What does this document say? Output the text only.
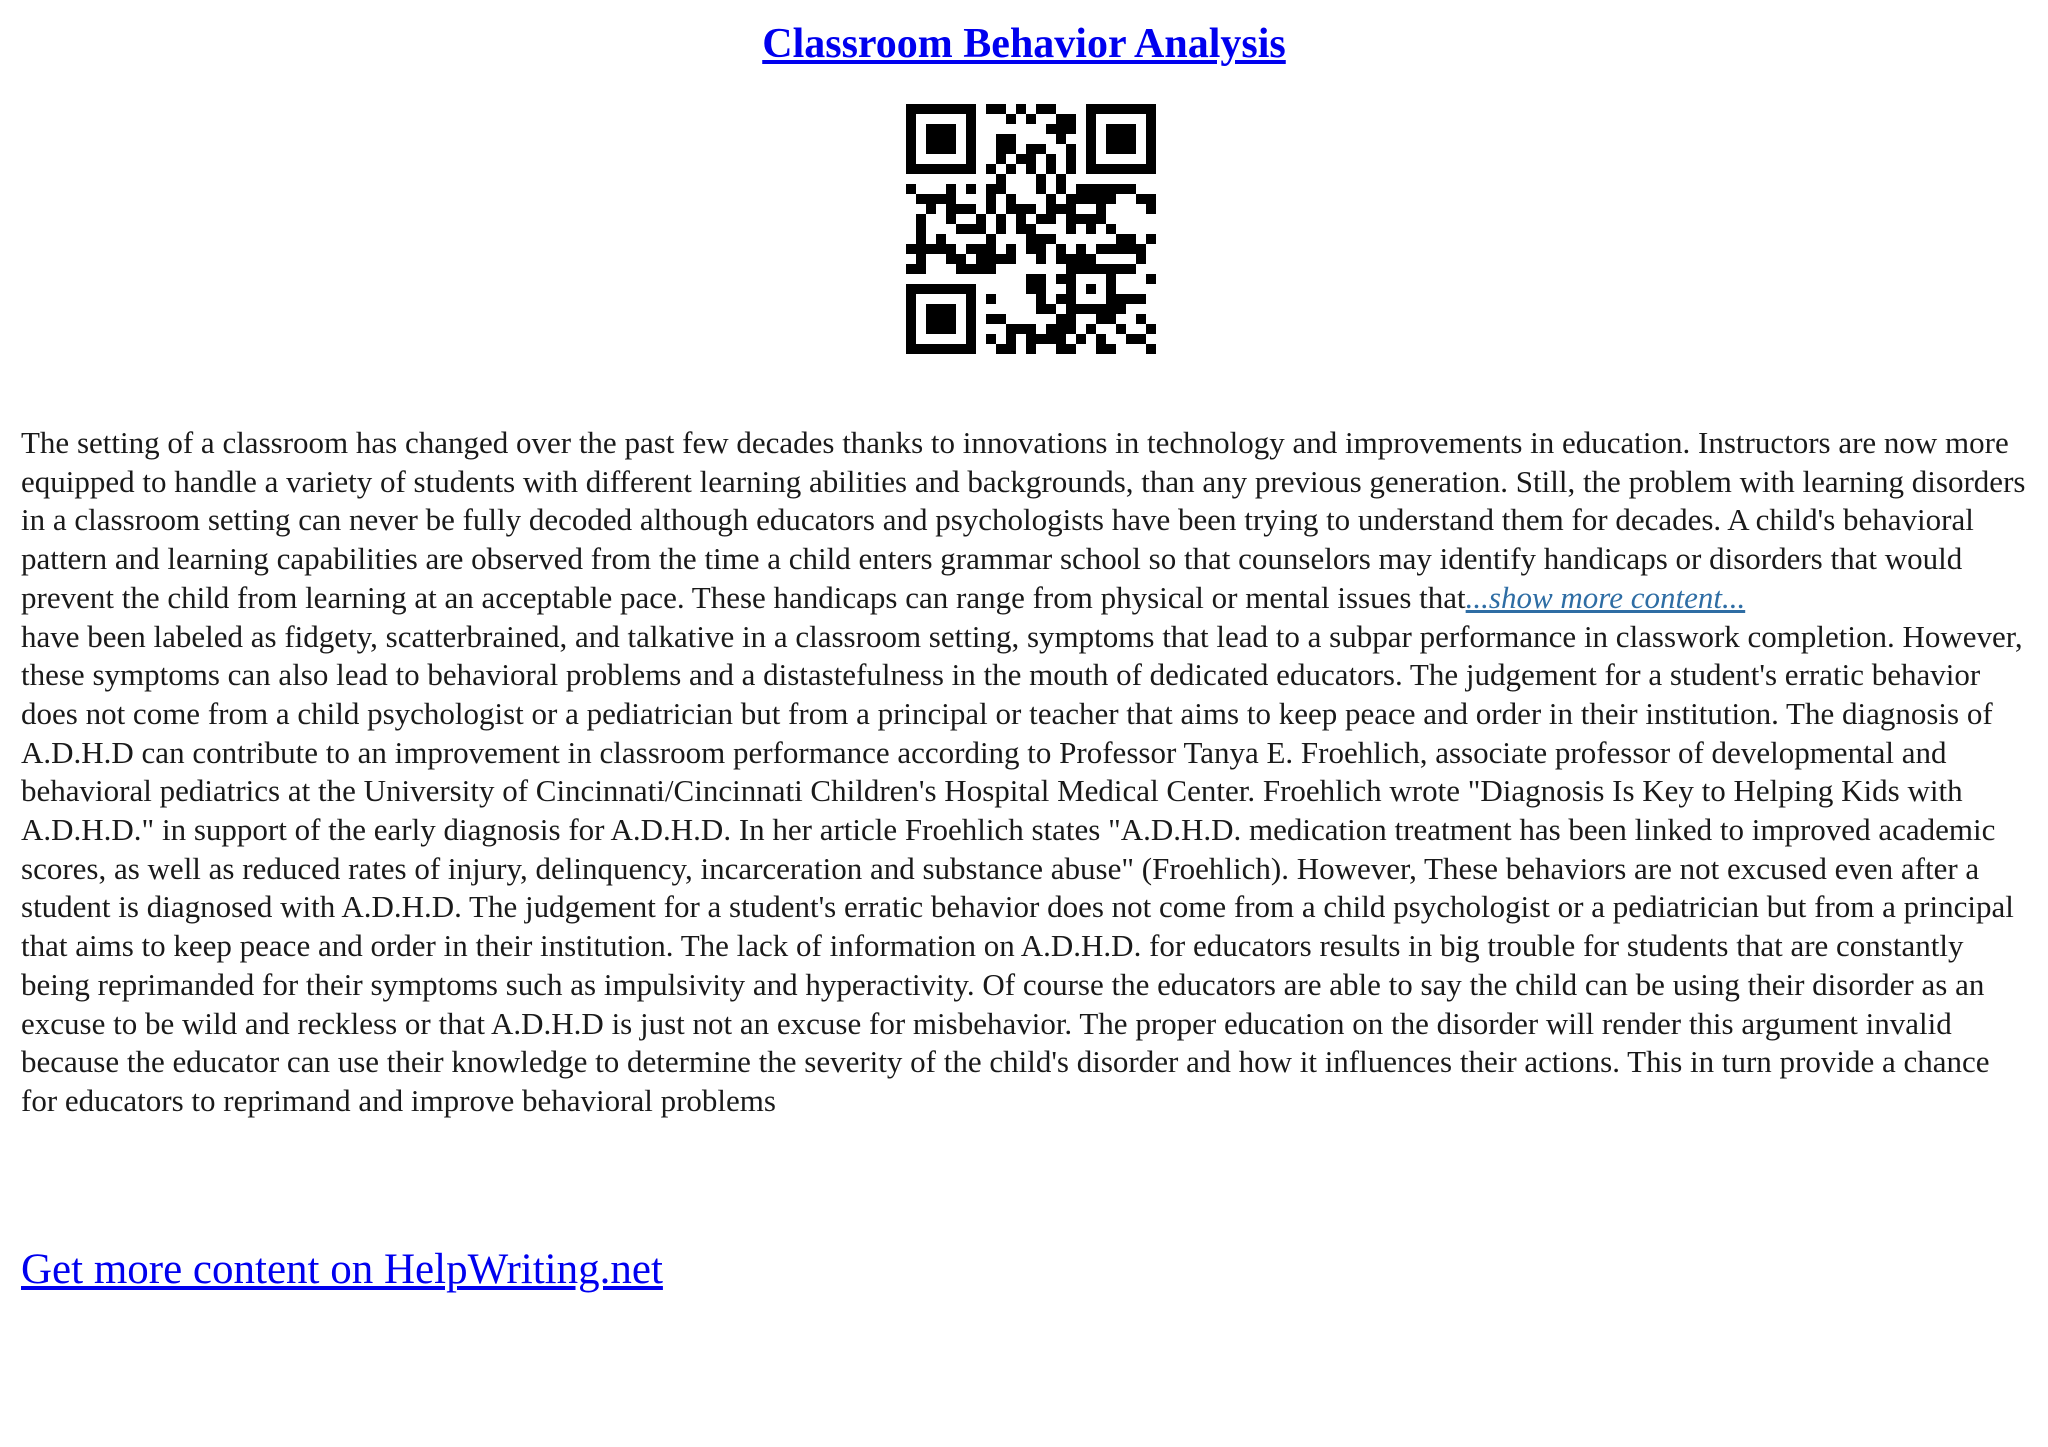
Classroom Behavior Analysis

The setting of a classroom has changed over the past few decades thanks to innovations in technology and improvements in education. Instructors are now more equipped to handle a variety of students with different learning abilities and backgrounds, than any previous generation. Still, the problem with learning disorders in a classroom setting can never be fully decoded although educators and psychologists have been trying to understand them for decades. A child's behavioral pattern and learning capabilities are observed from the time a child enters grammar school so that counselors may identify handicaps or disorders that would prevent the child from learning at an acceptable pace. These handicaps can range from physical or mental issues that...show more content...
have been labeled as fidgety, scatterbrained, and talkative in a classroom setting, symptoms that lead to a subpar performance in classwork completion. However, these symptoms can also lead to behavioral problems and a distastefulness in the mouth of dedicated educators. The judgement for a student's erratic behavior does not come from a child psychologist or a pediatrician but from a principal or teacher that aims to keep peace and order in their institution. The diagnosis of A.D.H.D can contribute to an improvement in classroom performance according to Professor Tanya E. Froehlich, associate professor of developmental and behavioral pediatrics at the University of Cincinnati/Cincinnati Children's Hospital Medical Center. Froehlich wrote "Diagnosis Is Key to Helping Kids with A.D.H.D." in support of the early diagnosis for A.D.H.D. In her article Froehlich states "A.D.H.D. medication treatment has been linked to improved academic scores, as well as reduced rates of injury, delinquency, incarceration and substance abuse" (Froehlich). However, These behaviors are not excused even after a student is diagnosed with A.D.H.D. The judgement for a student's erratic behavior does not come from a child psychologist or a pediatrician but from a principal that aims to keep peace and order in their institution. The lack of information on A.D.H.D. for educators results in big trouble for students that are constantly being reprimanded for their symptoms such as impulsivity and hyperactivity. Of course the educators are able to say the child can be using their disorder as an excuse to be wild and reckless or that A.D.H.D is just not an excuse for misbehavior. The proper education on the disorder will render this argument invalid because the educator can use their knowledge to determine the severity of the child's disorder and how it influences their actions. This in turn provide a chance for educators to reprimand and improve behavioral problems

Get more content on HelpWriting.net
